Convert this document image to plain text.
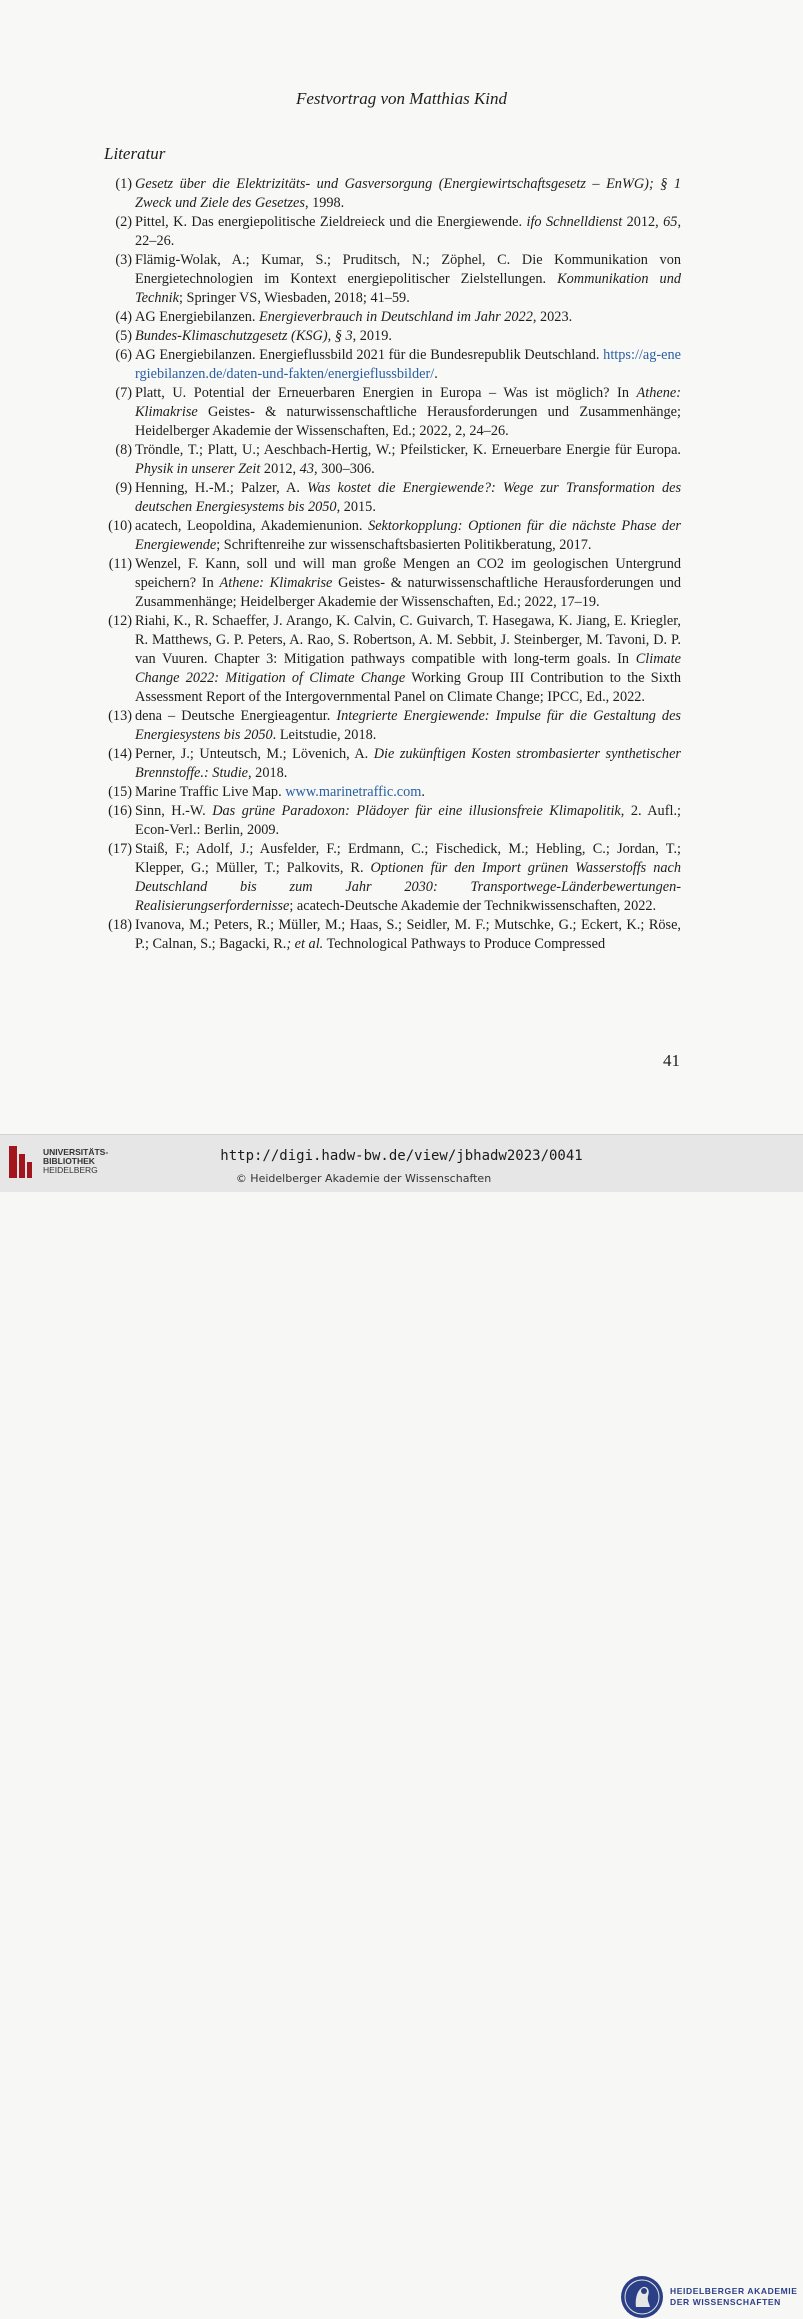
Festvortrag von Matthias Kind
Literatur
(1) Gesetz über die Elektrizitäts- und Gasversorgung (Energiewirtschaftsgesetz – EnWG); § 1 Zweck und Ziele des Gesetzes, 1998.
(2) Pittel, K. Das energiepolitische Zieldreieck und die Energiewende. ifo Schnelldienst 2012, 65, 22–26.
(3) Flämig-Wolak, A.; Kumar, S.; Pruditsch, N.; Zöphel, C. Die Kommunikation von Energietechnologien im Kontext energiepolitischer Zielstellungen. Kommunikation und Technik; Springer VS, Wiesbaden, 2018; 41–59.
(4) AG Energiebilanzen. Energieverbrauch in Deutschland im Jahr 2022, 2023.
(5) Bundes-Klimaschutzgesetz (KSG), § 3, 2019.
(6) AG Energiebilanzen. Energieflussbild 2021 für die Bundesrepublik Deutschland. https://ag-energiebilanzen.de/daten-und-fakten/energieflussbilder/.
(7) Platt, U. Potential der Erneuerbaren Energien in Europa – Was ist möglich? In Athene: Klimakrise Geistes- & naturwissenschaftliche Herausforderungen und Zusammenhänge; Heidelberger Akademie der Wissenschaften, Ed.; 2022, 2, 24–26.
(8) Tröndle, T.; Platt, U.; Aeschbach-Hertig, W.; Pfeilsticker, K. Erneuerbare Energie für Europa. Physik in unserer Zeit 2012, 43, 300–306.
(9) Henning, H.-M.; Palzer, A. Was kostet die Energiewende?: Wege zur Transformation des deutschen Energiesystems bis 2050, 2015.
(10) acatech, Leopoldina, Akademienunion. Sektorkopplung: Optionen für die nächste Phase der Energiewende; Schriftenreihe zur wissenschaftsbasierten Politikberatung, 2017.
(11) Wenzel, F. Kann, soll und will man große Mengen an CO2 im geologischen Untergrund speichern? In Athene: Klimakrise Geistes- & naturwissenschaftliche Herausforderungen und Zusammenhänge; Heidelberger Akademie der Wissenschaften, Ed.; 2022, 17–19.
(12) Riahi, K., R. Schaeffer, J. Arango, K. Calvin, C. Guivarch, T. Hasegawa, K. Jiang, E. Kriegler, R. Matthews, G. P. Peters, A. Rao, S. Robertson, A. M. Sebbit, J. Steinberger, M. Tavoni, D. P. van Vuuren. Chapter 3: Mitigation pathways compatible with long-term goals. In Climate Change 2022: Mitigation of Climate Change Working Group III Contribution to the Sixth Assessment Report of the Intergovernmental Panel on Climate Change; IPCC, Ed., 2022.
(13) dena – Deutsche Energieagentur. Integrierte Energiewende: Impulse für die Gestaltung des Energiesystens bis 2050. Leitstudie, 2018.
(14) Perner, J.; Unteutsch, M.; Lövenich, A. Die zukünftigen Kosten strombasierter synthetischer Brennstoffe.: Studie, 2018.
(15) Marine Traffic Live Map. www.marinetraffic.com.
(16) Sinn, H.-W. Das grüne Paradoxon: Plädoyer für eine illusionsfreie Klimapolitik, 2. Aufl.; Econ-Verl.: Berlin, 2009.
(17) Staiß, F.; Adolf, J.; Ausfelder, F.; Erdmann, C.; Fischedick, M.; Hebling, C.; Jordan, T.; Klepper, G.; Müller, T.; Palkovits, R. Optionen für den Import grünen Wasserstoffs nach Deutschland bis zum Jahr 2030: Transportwege-Länderbewertungen-Realisierungserfordernisse; acatech-Deutsche Akademie der Technikwissenschaften, 2022.
(18) Ivanova, M.; Peters, R.; Müller, M.; Haas, S.; Seidler, M. F.; Mutschke, G.; Eckert, K.; Röse, P.; Calnan, S.; Bagacki, R.; et al. Technological Pathways to Produce Compressed
41
UNIVERSITÄTS-
BIBLIOTHEK
HEIDELBERG
HEIDELBERGER AKADEMIE
DER WISSENSCHAFTEN
http://digi.hadw-bw.de/view/jbhadw2023/0041
© Heidelberger Akademie der Wissenschaften
